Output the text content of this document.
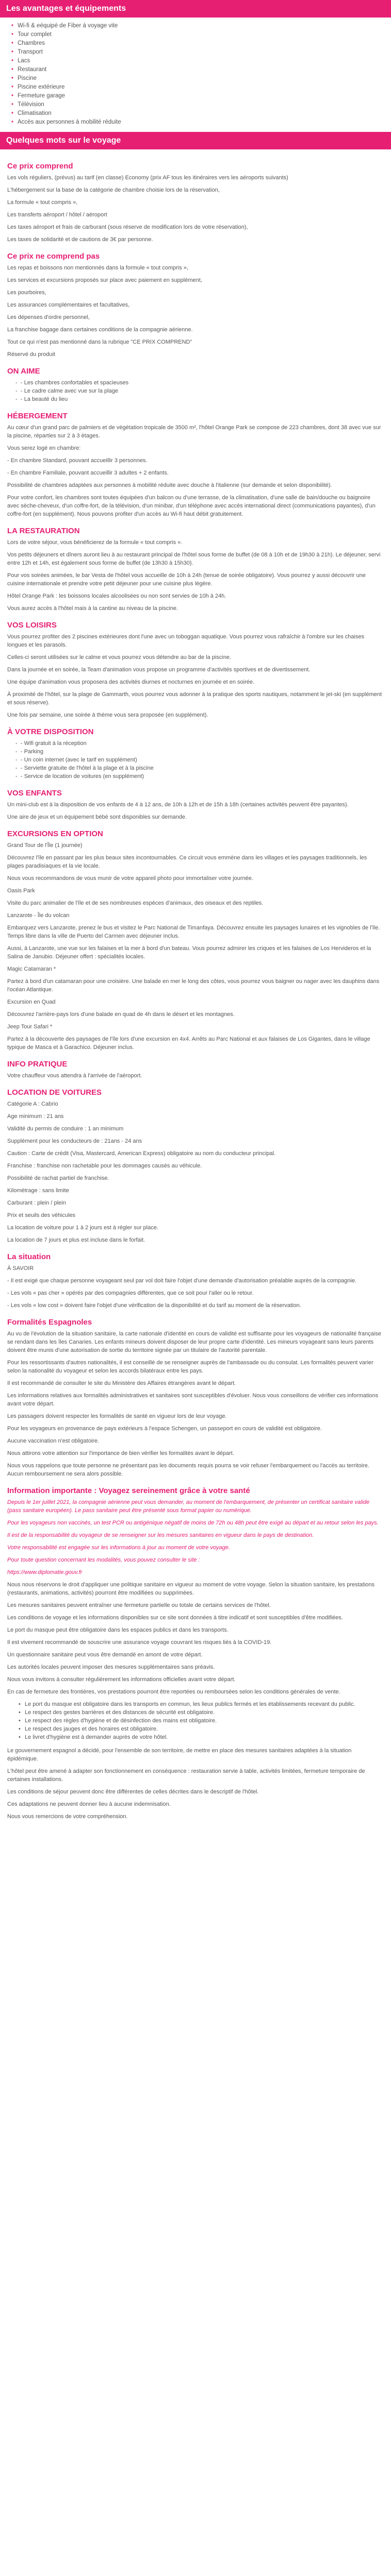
Les avantages et équipements
• Wi-fi & eéquipé de Fiber à voyage vite
• Tour complet
• Chambres
• Transport
• Lacs
• Restaurant
• Piscine
• Piscine extérieure
• Fermeture garage
• Télévision
• Climatisation
• Accès aux personnes à mobilité réduite
Quelques mots sur le voyage
Ce prix comprend

Les vols réguliers, (prévus) au tarif (en classe) Economy (prix AF tous les itinéraires vers les aéroports suivants)

L'hébergement sur la base de la catégorie de chambre choisie lors de la réservation,

La formule « tout compris »,

Les transferts aéroport / hôtel / aéroport

Les taxes aéroport et frais de carburant (sous réserve de modification lors de votre réservation),

Les taxes de solidarité et de cautions de 3€ par personne.

Ce prix ne comprend pas

Les repas et boissons non mentionnés dans la formule « tout compris »,

Les services et excursions proposés sur place avec paiement en supplément,

Les pourboires,

Les assurances complémentaires et facultatives,

Les dépenses d'ordre personnel,

La franchise bagage dans certaines conditions de la compagnie aérienne.

Tout ce qui n'est pas mentionné dans la rubrique "CE PRIX COMPREND"

Réservé du produit

ON AIME
- - Les chambres confortables et spacieuses
- - Le cadre calme avec vue sur la plage
- - La beauté du lieu
HÉBERGEMENT

Au cœur d'un grand parc de palmiers et de végétation tropicale de 3500 m², l'hôtel Orange Park se compose de 223 chambres, dont 38 avec vue sur la piscine, réparties sur 2 à 3 étages.

Vous serez logé en chambre:

- En chambre Standard, pouvant accueillir 3 personnes.

- En chambre Familiale, pouvant accueillir 3 adultes + 2 enfants.

Possibilité de chambres adaptées aux personnes à mobilité réduite avec douche à l'italienne (sur demande et selon disponibilité).

Pour votre confort, les chambres sont toutes équipées d'un balcon ou d'une terrasse, de la climatisation, d'une salle de bain/douche ou baignoire avec sèche-cheveux, d'un coffre-fort, de la télévision, d'un minibar, d'un téléphone avec accès international direct (communications payantes), d'un coffre-fort (en supplément). Nous pouvons profiter d'un accès au Wi-fi haut débit gratuitement.

LA RESTAURATION

Lors de votre séjour, vous bénéficierez de la formule « tout compris ».

Vos petits déjeuners et dîners auront lieu à au restaurant principal de l'hôtel sous forme de buffet (de 08 à 10h et de 19h30 à 21h). Le déjeuner, servi entre 12h et 14h, est également sous forme de buffet (de 13h30 à 15h30).

Pour vos soirées animées, le bar Vesta de l'hôtel vous accueille de 10h à 24h (tenue de soirée obligatoire). Vous pourrez y aussi découvrir une cuisine internationale et prendre votre petit déjeuner pour une cuisine plus légère.

Hôtel Orange Park : les boissons locales alcoolisées ou non sont servies de 10h à 24h.

Vous aurez accès à l'hôtel mais à la cantine au niveau de la piscine.

VOS LOISIRS

Vous pourrez profiter des 2 piscines extérieures dont l'une avec un toboggan aquatique. Vous pourrez vous rafraîchir à l'ombre sur les chaises longues et les parasols.

Celles-ci seront utilisées sur le calme et vous pourrez vous détendre au bar de la piscine.

Dans la journée et en soirée, la Team d'animation vous propose un programme d'activités sportives et de divertissement.

Une équipe d'animation vous proposera des activités diurnes et nocturnes en journée et en soirée.

À proximité de l'hôtel, sur la plage de Gammarth, vous pourrez vous adonner à la pratique des sports nautiques, notamment le jet-ski (en supplément et sous réserve).

Une fois par semaine, une soirée à thème vous sera proposée (en supplément).

À VOTRE DISPOSITION
- - Wifi gratuit à la réception
- - Parking
- - Un coin internet (avec le tarif en supplément)
- - Serviette gratuite de l'hôtel à la plage et à la piscine
- - Service de location de voitures (en supplément)
VOS ENFANTS

Un mini-club est à la disposition de vos enfants de 4 à 12 ans, de 10h à 12h et de 15h à 18h (certaines activités peuvent être payantes).

Une aire de jeux et un équipement bébé sont disponibles sur demande.

EXCURSIONS EN OPTION

Grand Tour de l'Île (1 journée)

Découvrez l'île en passant par les plus beaux sites incontournables. Ce circuit vous emmène dans les villages et les paysages traditionnels, les plages paradisiaques et la vie locale.

Nous vous recommandons de vous munir de votre appareil photo pour immortaliser votre journée.

Oasis Park

Visite du parc animalier de l'île et de ses nombreuses espèces d'animaux, des oiseaux et des reptiles.

Lanzarote - Île du volcan

Embarquez vers Lanzarote, prenez le bus et visitez le Parc National de Timanfaya. Découvrez ensuite les paysages lunaires et les vignobles de l'île. Temps libre dans la ville de Puerto del Carmen avec déjeuner inclus.

Aussi, à Lanzarote, une vue sur les falaises et la mer à bord d'un bateau. Vous pourrez admirer les criques et les falaises de Los Hervideros et la Salina de Janubio. Déjeuner offert : spécialités locales.

Magic Catamaran *

Partez à bord d'un catamaran pour une croisière. Une balade en mer le long des côtes, vous pourrez vous baigner ou nager avec les dauphins dans l'océan Atlantique.

Excursion en Quad

Découvrez l'arrière-pays lors d'une balade en quad de 4h dans le désert et les montagnes.

Jeep Tour Safari *

Partez à la découverte des paysages de l'île lors d'une excursion en 4x4. Arrêts au Parc National et aux falaises de Los Gigantes, dans le village typique de Masca et à Garachico. Déjeuner inclus.

INFO PRATIQUE

Votre chauffeur vous attendra à l'arrivée de l'aéroport.

LOCATION DE VOITURES

Catégorie A : Cabrio

Age minimum : 21 ans

Validité du permis de conduire : 1 an minimum

Supplément pour les conducteurs de : 21ans - 24 ans

Caution : Carte de crédit (Visa, Mastercard, American Express) obligatoire au nom du conducteur principal.

Franchise : franchise non rachetable pour les dommages causés au véhicule.

Possibilité de rachat partiel de franchise.

Kilométrage : sans limite

Carburant : plein / plein

Prix et seuils des véhicules

La location de voiture pour 1 à 2 jours est à régler sur place.

La location de 7 jours et plus est incluse dans le forfait.

La situation

À SAVOIR

- Il est exigé que chaque personne voyageant seul par vol doit faire l'objet d'une demande d'autorisation préalable auprès de la compagnie.

- Les vols « pas cher » opérés par des compagnies différentes, que ce soit pour l'aller ou le retour.

- Les vols « low cost » doivent faire l'objet d'une vérification de la disponibilité et du tarif au moment de la réservation.

Formalités Espagnoles

Au vu de l'évolution de la situation sanitaire, la carte nationale d'identité en cours de validité est suffisante pour les voyageurs de nationalité française se rendant dans les îles Canaries. Les enfants mineurs doivent disposer de leur propre carte d'identité. Les mineurs voyageant sans leurs parents doivent être munis d'une autorisation de sortie du territoire signée par un titulaire de l'autorité parentale.

Pour les ressortissants d'autres nationalités, il est conseillé de se renseigner auprès de l'ambassade ou du consulat. Les formalités peuvent varier selon la nationalité du voyageur et selon les accords bilatéraux entre les pays.

Il est recommandé de consulter le site du Ministère des Affaires étrangères avant le départ.

Les informations relatives aux formalités administratives et sanitaires sont susceptibles d'évoluer. Nous vous conseillons de vérifier ces informations avant votre départ.

Les passagers doivent respecter les formalités de santé en vigueur lors de leur voyage.

Pour les voyageurs en provenance de pays extérieurs à l'espace Schengen, un passeport en cours de validité est obligatoire.

Aucune vaccination n'est obligatoire.

Nous attirons votre attention sur l'importance de bien vérifier les formalités avant le départ.

Nous vous rappelons que toute personne ne présentant pas les documents requis pourra se voir refuser l'embarquement ou l'accès au territoire. Aucun remboursement ne sera alors possible.

Information importante : Voyagez sereinement grâce à votre santé

Depuis le 1er juillet 2021, la compagnie aérienne peut vous demander, au moment de l'embarquement, de présenter un certificat sanitaire valide (pass sanitaire européen). Le pass sanitaire peut être présenté sous format papier ou numérique.

Pour les voyageurs non vaccinés, un test PCR ou antigénique négatif de moins de 72h ou 48h peut être exigé au départ et au retour selon les pays.

Il est de la responsabilité du voyageur de se renseigner sur les mesures sanitaires en vigueur dans le pays de destination.

Votre responsabilité est engagée sur les informations à jour au moment de votre voyage.

Pour toute question concernant les modalités, vous pouvez consulter le site :

https://www.diplomatie.gouv.fr

Nous nous réservons le droit d'appliquer une politique sanitaire en vigueur au moment de votre voyage. Selon la situation sanitaire, les prestations (restaurants, animations, activités) pourront être modifiées ou supprimées.

Les mesures sanitaires peuvent entraîner une fermeture partielle ou totale de certains services de l'hôtel.

Les conditions de voyage et les informations disponibles sur ce site sont données à titre indicatif et sont susceptibles d'être modifiées.

Le port du masque peut être obligatoire dans les espaces publics et dans les transports.

Il est vivement recommandé de souscrire une assurance voyage couvrant les risques liés à la COVID-19.

Un questionnaire sanitaire peut vous être demandé en amont de votre départ.

Les autorités locales peuvent imposer des mesures supplémentaires sans préavis.

Nous vous invitons à consulter régulièrement les informations officielles avant votre départ.

En cas de fermeture des frontières, vos prestations pourront être reportées ou remboursées selon les conditions générales de vente.

• Le port du masque est obligatoire dans les transports en commun, les lieux publics fermés et les établissements recevant du public.
• Le respect des gestes barrières et des distances de sécurité est obligatoire.
• Le respect des règles d'hygiène et de désinfection des mains est obligatoire.
• Le respect des jauges et des horaires est obligatoire.
• Le livret d'hygiène est à demander auprès de votre hôtel.

Le gouvernement espagnol a décidé, pour l'ensemble de son territoire, de mettre en place des mesures sanitaires adaptées à la situation épidémique.

L'hôtel peut être amené à adapter son fonctionnement en conséquence : restauration servie à table, activités limitées, fermeture temporaire de certaines installations.

Les conditions de séjour peuvent donc être différentes de celles décrites dans le descriptif de l'hôtel.

Ces adaptations ne peuvent donner lieu à aucune indemnisation.

Nous vous remercions de votre compréhension.
